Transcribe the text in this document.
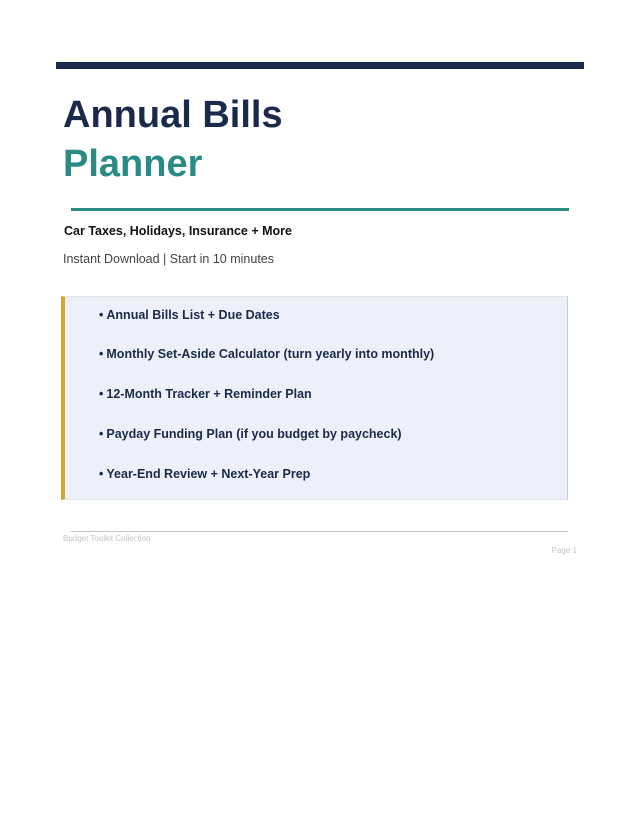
Annual Bills
Planner
Car Taxes, Holidays, Insurance + More
Instant Download | Start in 10 minutes
• Annual Bills List + Due Dates
• Monthly Set-Aside Calculator (turn yearly into monthly)
• 12-Month Tracker + Reminder Plan
• Payday Funding Plan (if you budget by paycheck)
• Year-End Review + Next-Year Prep
Budget Toolkit Collection
Page 1
